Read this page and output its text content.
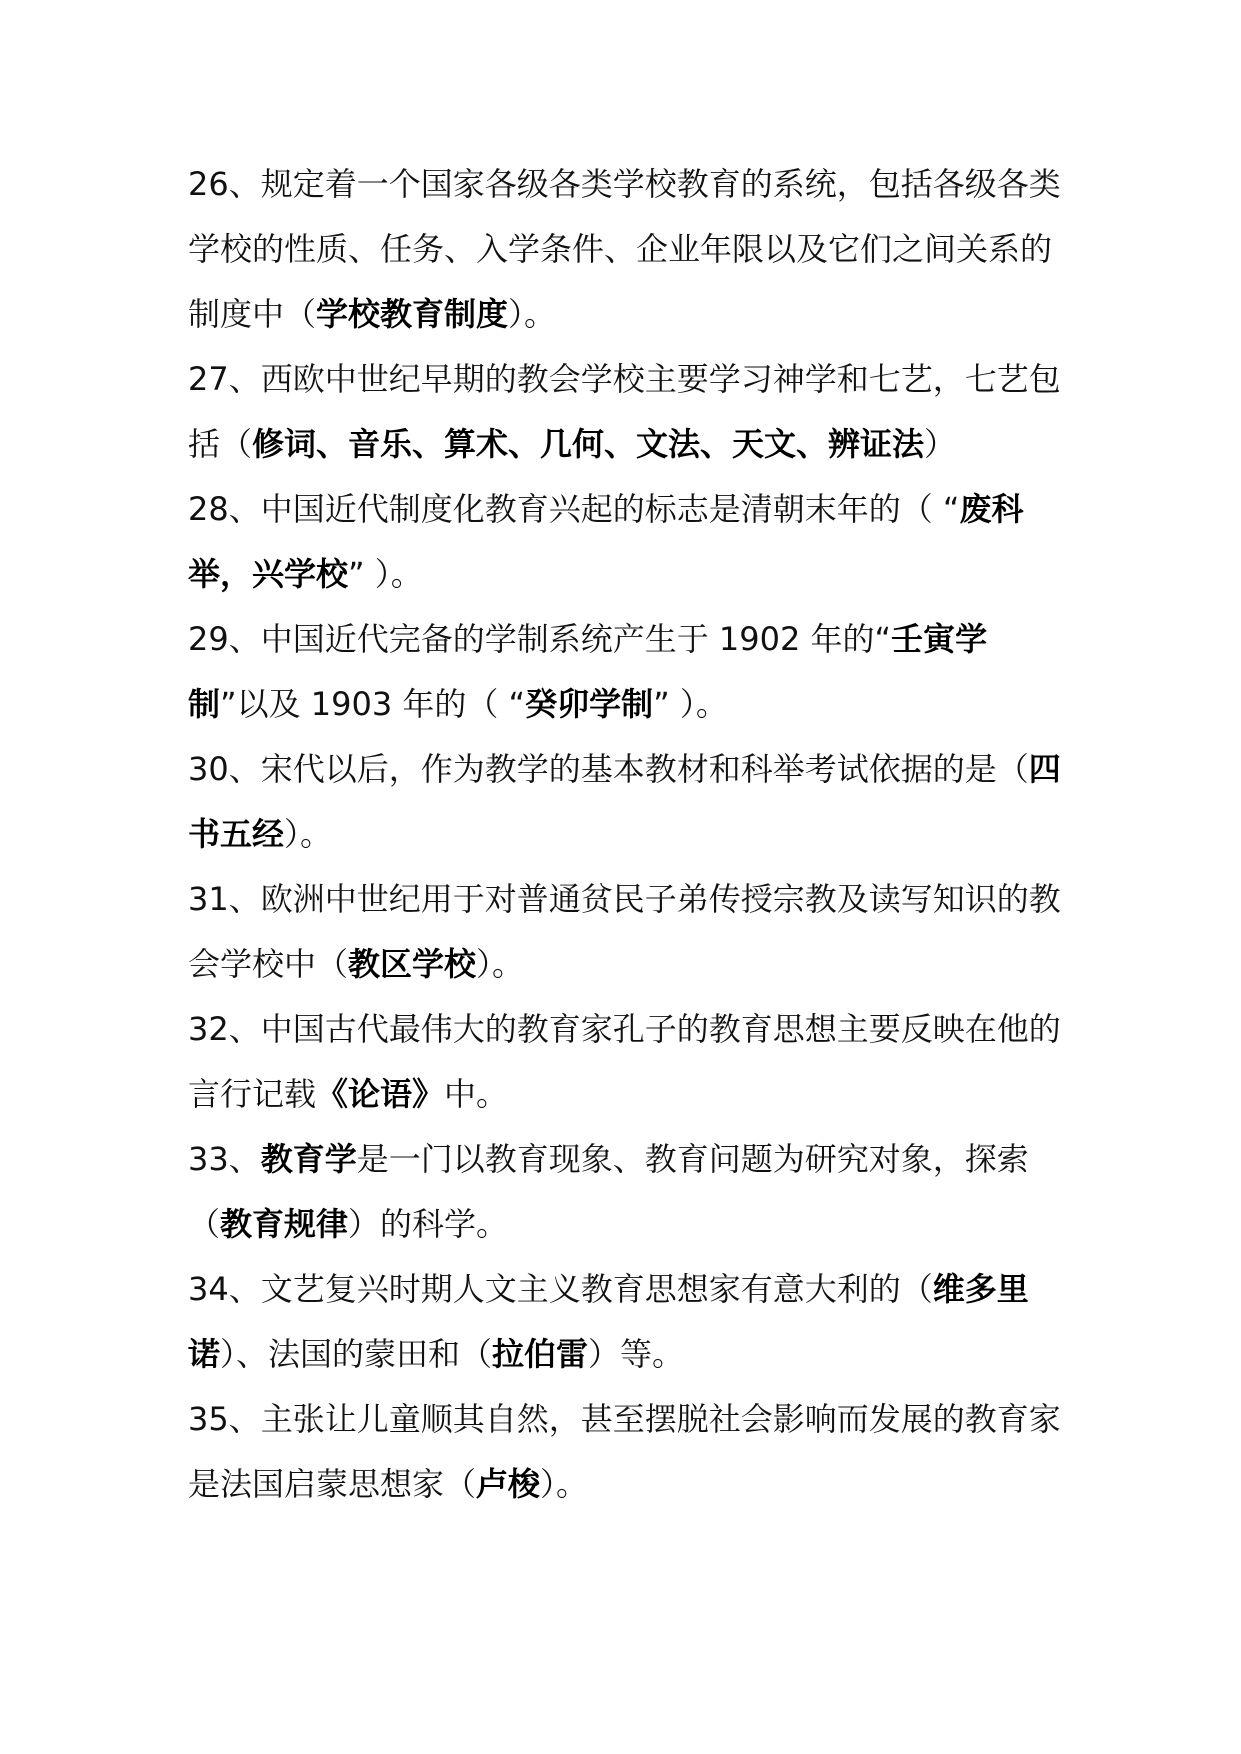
26、规定着一个国家各级各类学校教育的系统，包括各级各类学校的性质、任务、入学条件、企业年限以及它们之间关系的制度中（学校教育制度）。

27、西欧中世纪早期的教会学校主要学习神学和七艺，七艺包括（修词、音乐、算术、几何、文法、天文、辨证法）

28、中国近代制度化教育兴起的标志是清朝末年的（ “废科举，兴学校” ）。

29、中国近代完备的学制系统产生于 1902 年的“壬寅学制”以及 1903 年的（ “癸卯学制” ）。

30、宋代以后，作为教学的基本教材和科举考试依据的是（四书五经）。

31、欧洲中世纪用于对普通贫民子弟传授宗教及读写知识的教会学校中（教区学校）。

32、中国古代最伟大的教育家孔子的教育思想主要反映在他的言行记载《论语》中。

33、教育学是一门以教育现象、教育问题为研究对象，探索（教育规律）的科学。

34、文艺复兴时期人文主义教育思想家有意大利的（维多里诺）、法国的蒙田和（拉伯雷）等。

35、主张让儿童顺其自然，甚至摆脱社会影响而发展的教育家是法国启蒙思想家（卢梭）。
